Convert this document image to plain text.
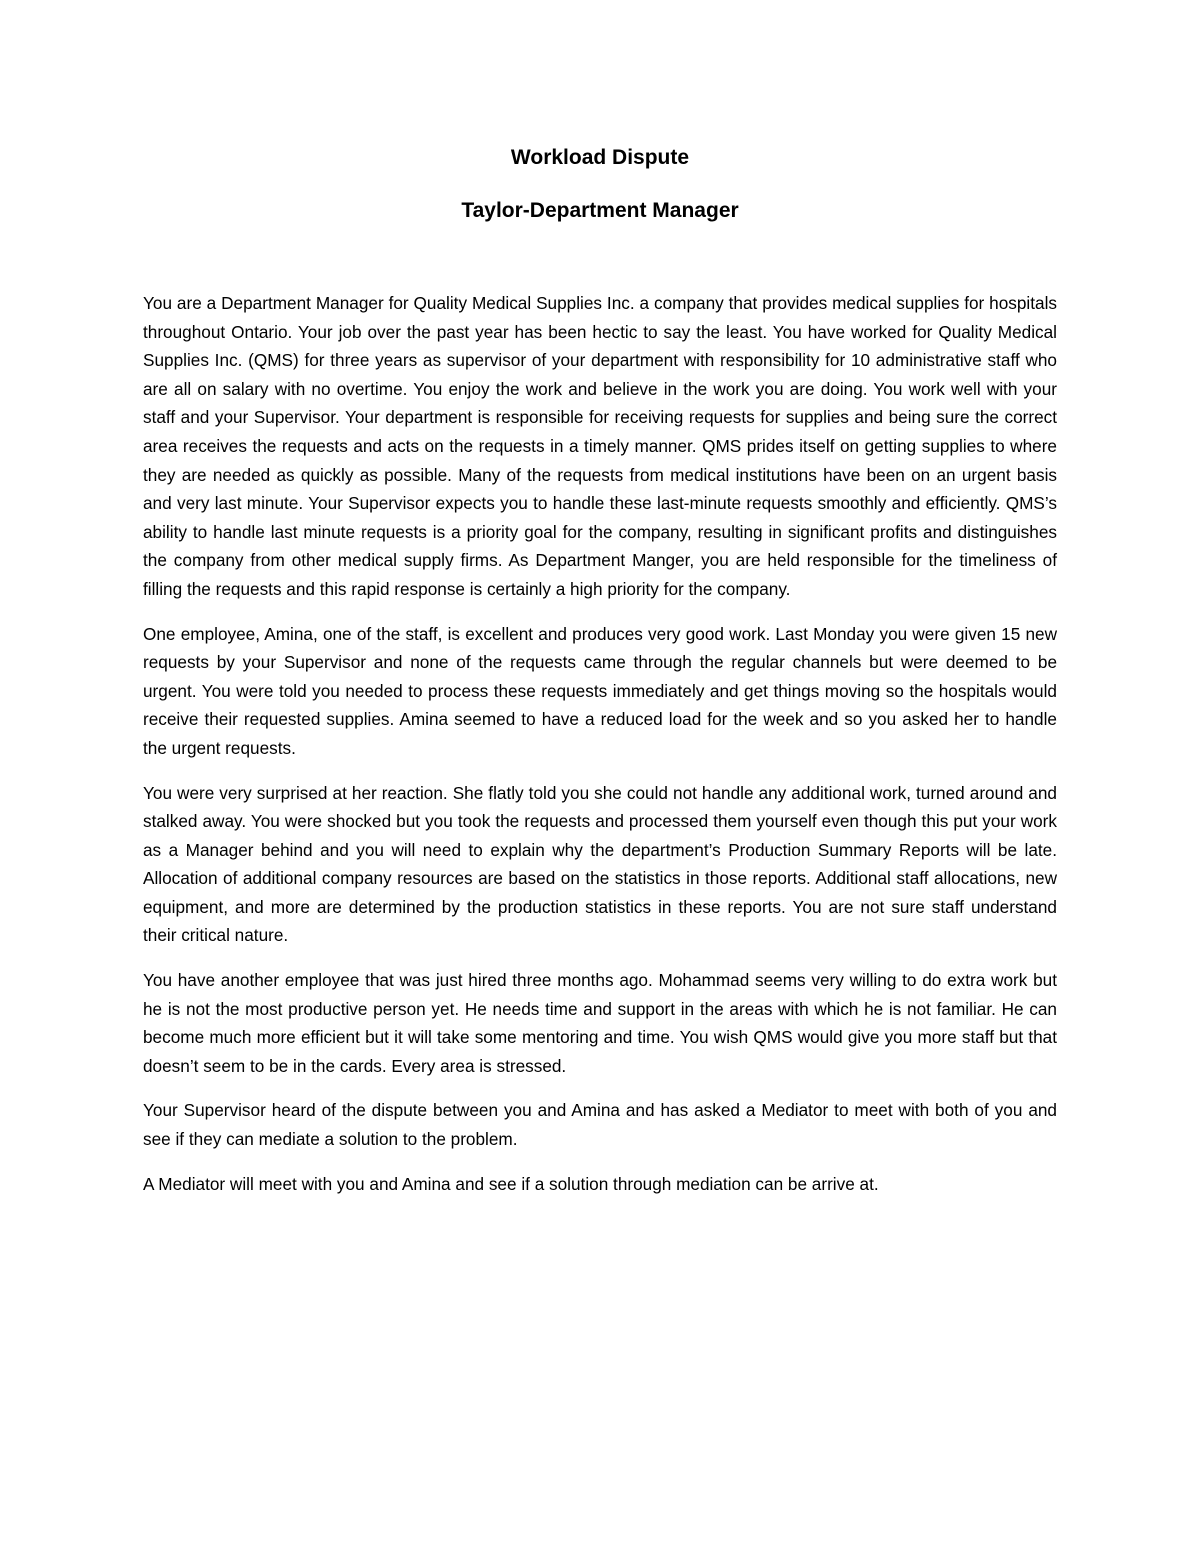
Workload Dispute
Taylor-Department Manager

You are a Department Manager for Quality Medical Supplies Inc. a company that provides medical supplies for hospitals throughout Ontario. Your job over the past year has been hectic to say the least. You have worked for Quality Medical Supplies Inc. (QMS) for three years as supervisor of your department with responsibility for 10 administrative staff who are all on salary with no overtime. You enjoy the work and believe in the work you are doing. You work well with your staff and your Supervisor. Your department is responsible for receiving requests for supplies and being sure the correct area receives the requests and acts on the requests in a timely manner. QMS prides itself on getting supplies to where they are needed as quickly as possible. Many of the requests from medical institutions have been on an urgent basis and very last minute. Your Supervisor expects you to handle these last-minute requests smoothly and efficiently. QMS’s ability to handle last minute requests is a priority goal for the company, resulting in significant profits and distinguishes the company from other medical supply firms. As Department Manger, you are held responsible for the timeliness of filling the requests and this rapid response is certainly a high priority for the company.

One employee, Amina, one of the staff, is excellent and produces very good work. Last Monday you were given 15 new requests by your Supervisor and none of the requests came through the regular channels but were deemed to be urgent. You were told you needed to process these requests immediately and get things moving so the hospitals would receive their requested supplies. Amina seemed to have a reduced load for the week and so you asked her to handle the urgent requests.

You were very surprised at her reaction. She flatly told you she could not handle any additional work, turned around and stalked away. You were shocked but you took the requests and processed them yourself even though this put your work as a Manager behind and you will need to explain why the department’s Production Summary Reports will be late. Allocation of additional company resources are based on the statistics in those reports. Additional staff allocations, new equipment, and more are determined by the production statistics in these reports. You are not sure staff understand their critical nature.

You have another employee that was just hired three months ago. Mohammad seems very willing to do extra work but he is not the most productive person yet. He needs time and support in the areas with which he is not familiar. He can become much more efficient but it will take some mentoring and time. You wish QMS would give you more staff but that doesn’t seem to be in the cards. Every area is stressed.

Your Supervisor heard of the dispute between you and Amina and has asked a Mediator to meet with both of you and see if they can mediate a solution to the problem.

A Mediator will meet with you and Amina and see if a solution through mediation can be arrive at.
